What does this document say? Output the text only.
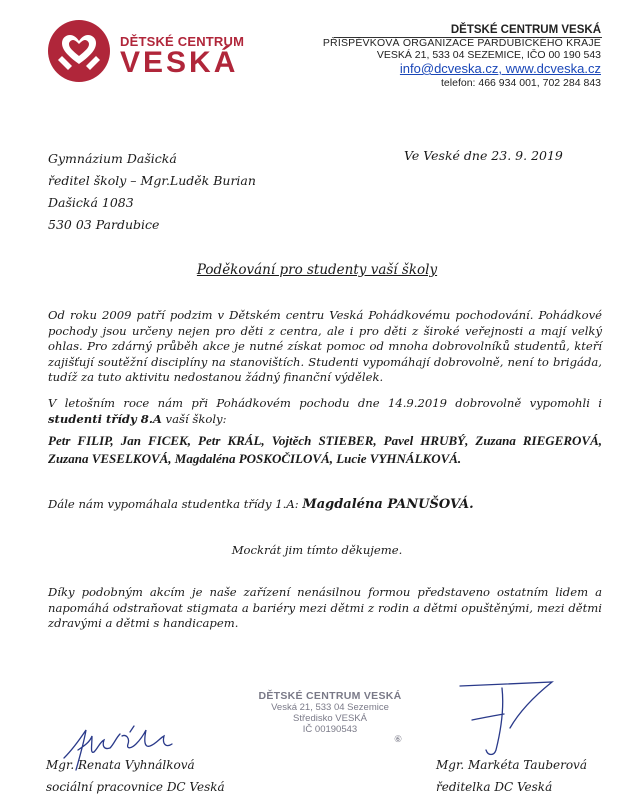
DĚTSKÉ CENTRUM
VESKÁ
DĚTSKÉ CENTRUM VESKÁ
PŘÍSPĚVKOVÁ ORGANIZACE PARDUBICKÉHO KRAJE
VESKÁ 21, 533 04 SEZEMICE, IČO 00 190 543
info@dcveska.cz, www.dcveska.cz
telefon: 466 934 001, 702 284 843
Gymnázium Dašická
ředitel školy – Mgr.Luděk Burian
Dašická 1083
530 03 Pardubice
Ve Veské dne 23. 9. 2019
Poděkování pro studenty vaší školy
Od roku 2009 patří podzim v Dětském centru Veská Pohádkovému pochodování. Pohádkové pochody jsou určeny nejen pro děti z centra, ale i pro děti z široké veřejnosti a mají velký ohlas. Pro zdárný průběh akce je nutné získat pomoc od mnoha dobrovolníků studentů, kteří zajišťují soutěžní disciplíny na stanovištích. Studenti vypomáhají dobrovolně, není to brigáda, tudíž za tuto aktivitu nedostanou žádný finanční výdělek.
V letošním roce nám při Pohádkovém pochodu dne 14.9.2019 dobrovolně vypomohli i studenti třídy 8.A vaší školy:
Petr FILIP, Jan FICEK, Petr KRÁL, Vojtěch STIEBER, Pavel HRUBÝ, Zuzana RIEGEROVÁ, Zuzana VESELKOVÁ, Magdaléna POSKOČILOVÁ, Lucie VYHNÁLKOVÁ.
Dále nám vypomáhala studentka třídy 1.A: Magdaléna PANUŠOVÁ.
Mockrát jim tímto děkujeme.
Díky podobným akcím je naše zařízení nenásilnou formou představeno ostatním lidem a napomáhá odstraňovat stigmata a bariéry mezi dětmi z rodin a dětmi opuštěnými, mezi dětmi zdravými a dětmi s handicapem.
DĚTSKÉ CENTRUM VESKÁ
Veská 21, 533 04 Sezemice
Středisko VESKÁ
IČ 00190543
⑥
Mgr. Renata Vyhnálková
sociální pracovnice DC Veská
Mgr. Markéta Tauberová
ředitelka DC Veská
